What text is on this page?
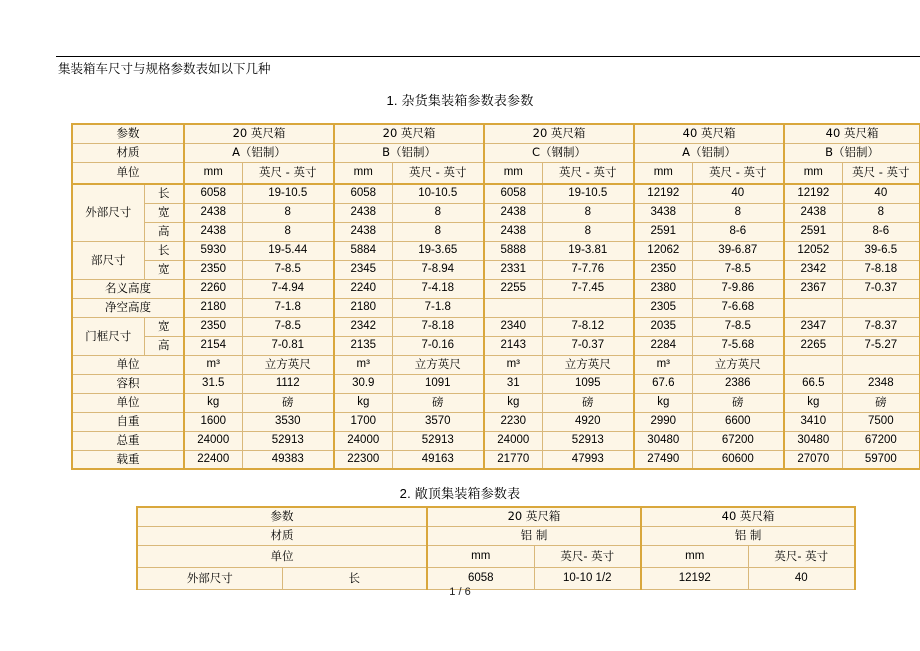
集装箱车尺寸与规格参数表如以下几种
1. 杂货集装箱参数表参数
参数		20 英尺箱		20 英尺箱		20 英尺箱		40 英尺箱		40 英尺箱	
材质		A（铝制）		B（铝制）		C（钢制）		A（铝制）		B（铝制）	
单位		mm	英尺 - 英寸	mm	英尺 - 英寸	mm	英尺 - 英寸	mm	英尺 - 英寸	mm	英尺 - 英寸
外部尺寸	长	6058	19-10.5	6058	10-10.5	6058	19-10.5	12192	40	12192	40
	宽	2438	8	2438	8	2438	8	3438	8	2438	8
	高	2438	8	2438	8	2438	8	2591	8-6	2591	8-6
部尺寸	长	5930	19-5.44	5884	19-3.65	5888	19-3.81	12062	39-6.87	12052	39-6.5
	宽	2350	7-8.5	2345	7-8.94	2331	7-7.76	2350	7-8.5	2342	7-8.18
名义高度		2260	7-4.94	2240	7-4.18	2255	7-7.45	2380	7-9.86	2367	7-0.37
净空高度		2180	7-1.8	2180	7-1.8			2305	7-6.68		
门框尺寸	宽	2350	7-8.5	2342	7-8.18	2340	7-8.12	2035	7-8.5	2347	7-8.37
	高	2154	7-0.81	2135	7-0.16	2143	7-0.37	2284	7-5.68	2265	7-5.27
单位		m³	立方英尺	m³	立方英尺	m³	立方英尺	m³	立方英尺		
容积		31.5	1112	30.9	1091	31	1095	67.6	2386	66.5	2348
单位		kg	磅	kg	磅	kg	磅	kg	磅	kg	磅
自重		1600	3530	1700	3570	2230	4920	2990	6600	3410	7500
总重		24000	52913	24000	52913	24000	52913	30480	67200	30480	67200
载重		22400	49383	22300	49163	21770	47993	27490	60600	27070	59700
2. 敞顶集装箱参数表
参数		20 英尺箱		40 英尺箱	
材质		铝 制		铝 制	
单位		mm	英尺- 英寸	mm	英尺- 英寸
外部尺寸	长	6058	10-10 1/2	12192	40
1 / 6
